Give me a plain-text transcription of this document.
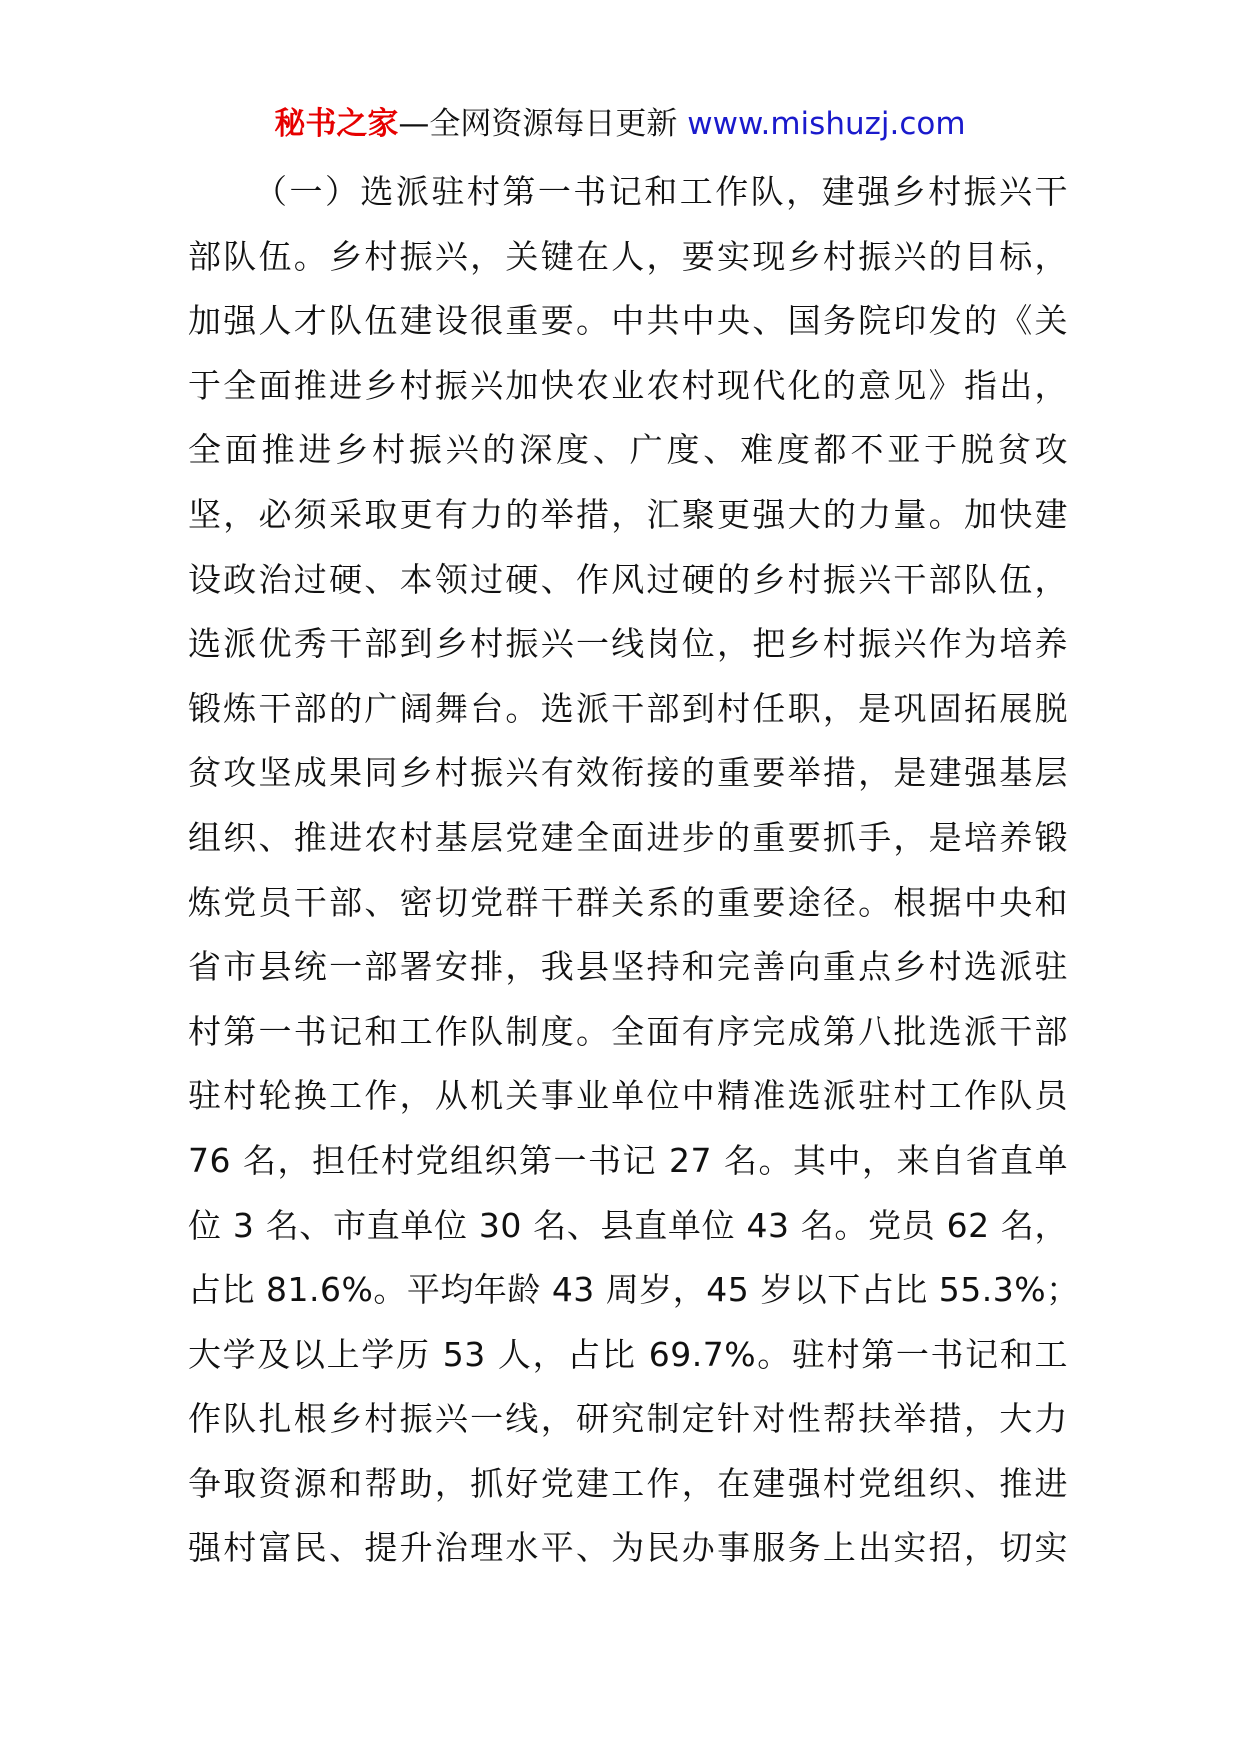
秘书之家—全网资源每日更新 www.mishuzj.com
（一）选派驻村第一书记和工作队，建强乡村振兴干
部队伍。乡村振兴，关键在人，要实现乡村振兴的目标，
加强人才队伍建设很重要。中共中央、国务院印发的《关
于全面推进乡村振兴加快农业农村现代化的意见》指出，
全面推进乡村振兴的深度、广度、难度都不亚于脱贫攻
坚，必须采取更有力的举措，汇聚更强大的力量。加快建
设政治过硬、本领过硬、作风过硬的乡村振兴干部队伍，
选派优秀干部到乡村振兴一线岗位，把乡村振兴作为培养
锻炼干部的广阔舞台。选派干部到村任职，是巩固拓展脱
贫攻坚成果同乡村振兴有效衔接的重要举措，是建强基层
组织、推进农村基层党建全面进步的重要抓手，是培养锻
炼党员干部、密切党群干群关系的重要途径。根据中央和
省市县统一部署安排，我县坚持和完善向重点乡村选派驻
村第一书记和工作队制度。全面有序完成第八批选派干部
驻村轮换工作，从机关事业单位中精准选派驻村工作队员
76 名，担任村党组织第一书记 27 名。其中，来自省直单
位 3 名、市直单位 30 名、县直单位 43 名。党员 62 名，
占比 81.6%。平均年龄 43 周岁，45 岁以下占比 55.3%；
大学及以上学历 53 人，占比 69.7%。驻村第一书记和工
作队扎根乡村振兴一线，研究制定针对性帮扶举措，大力
争取资源和帮助，抓好党建工作，在建强村党组织、推进
强村富民、提升治理水平、为民办事服务上出实招，切实
